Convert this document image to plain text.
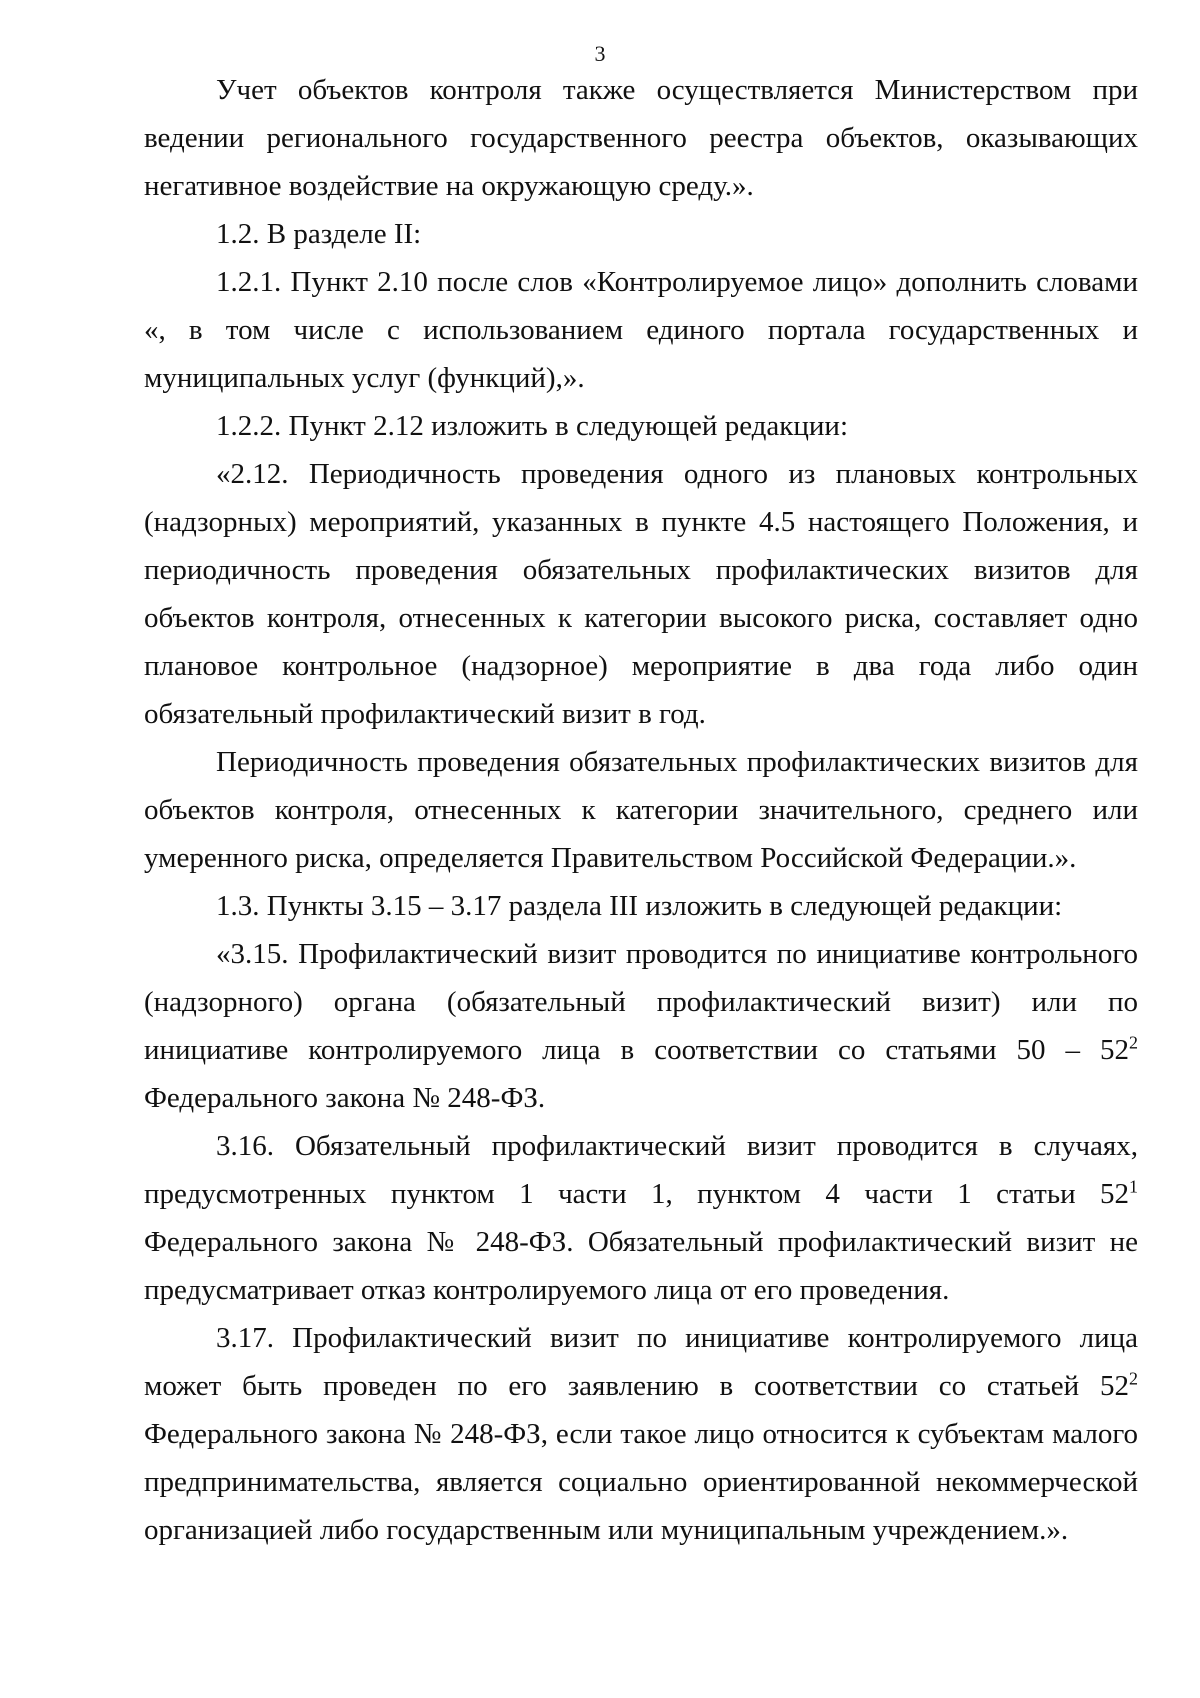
3

Учет объектов контроля также осуществляется Министерством при ведении регионального государственного реестра объектов, оказывающих негативное воздействие на окружающую среду.».

1.2. В разделе II:

1.2.1. Пункт 2.10 после слов «Контролируемое лицо» дополнить словами «, в том числе с использованием единого портала государственных и муниципальных услуг (функций),».

1.2.2. Пункт 2.12 изложить в следующей редакции:

«2.12. Периодичность проведения одного из плановых контрольных (надзорных) мероприятий, указанных в пункте 4.5 настоящего Положения, и периодичность проведения обязательных профилактических визитов для объектов контроля, отнесенных к категории высокого риска, составляет одно плановое контрольное (надзорное) мероприятие в два года либо один обязательный профилактический визит в год.

Периодичность проведения обязательных профилактических визитов для объектов контроля, отнесенных к категории значительного, среднего или умеренного риска, определяется Правительством Российской Федерации.».

1.3. Пункты 3.15 – 3.17 раздела III изложить в следующей редакции:

«3.15. Профилактический визит проводится по инициативе контрольного (надзорного) органа (обязательный профилактический визит) или по инициативе контролируемого лица в соответствии со статьями $50 - 52^2$ Федерального закона № 248-ФЗ.

3.16. Обязательный профилактический визит проводится в случаях, предусмотренных пунктом 1 части 1, пунктом 4 части 1 статьи $52^1$ Федерального закона № 248-ФЗ. Обязательный профилактический визит не предусматривает отказ контролируемого лица от его проведения.

3.17. Профилактический визит по инициативе контролируемого лица может быть проведен по его заявлению в соответствии со статьей $52^2$ Федерального закона № 248-ФЗ, если такое лицо относится к субъектам малого предпринимательства, является социально ориентированной некоммерческой организацией либо государственным или муниципальным учреждением.».
